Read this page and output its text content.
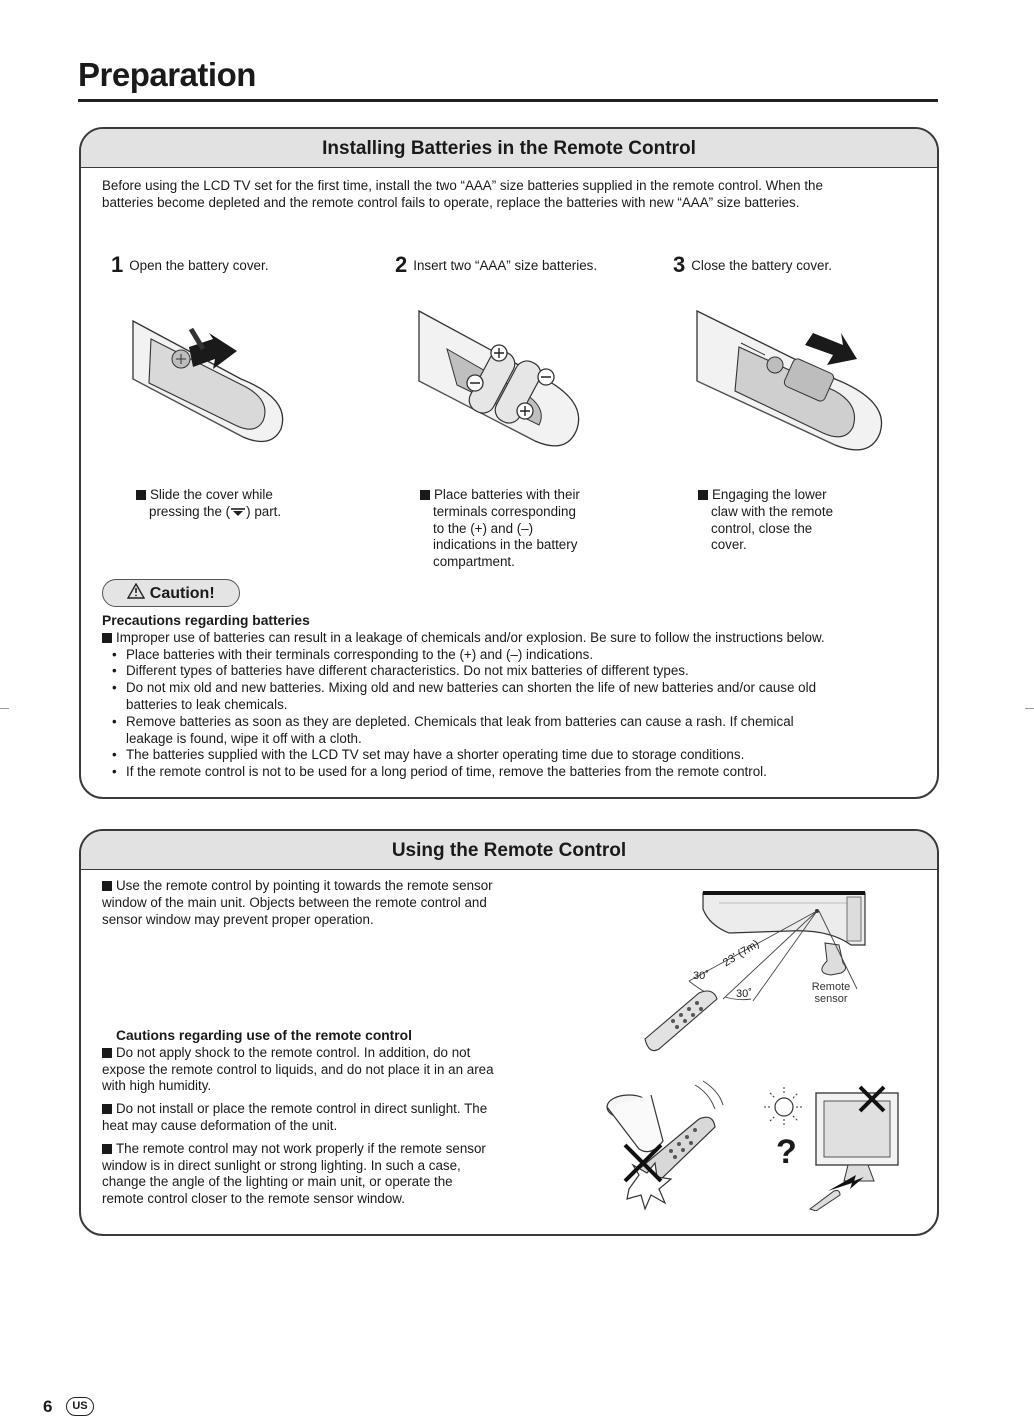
Preparation
Installing Batteries in the Remote Control
Before using the LCD TV set for the first time, install the two “AAA” size batteries supplied in the remote control. When the
batteries become depleted and the remote control fails to operate, replace the batteries with new “AAA” size batteries.
1 Open the battery cover.	2 Insert two “AAA” size batteries.	3 Close the battery cover.
Slide the cover while
pressing the ( ) part.
Place batteries with their
terminals corresponding
to the (+) and (–)
indications in the battery
compartment.
Engaging the lower
claw with the remote
control, close the
cover.
Caution!
Precautions regarding batteries
Improper use of batteries can result in a leakage of chemicals and/or explosion. Be sure to follow the instructions below.
• Place batteries with their terminals corresponding to the (+) and (–) indications.
• Different types of batteries have different characteristics. Do not mix batteries of different types.
• Do not mix old and new batteries. Mixing old and new batteries can shorten the life of new batteries and/or cause old
batteries to leak chemicals.
• Remove batteries as soon as they are depleted. Chemicals that leak from batteries can cause a rash. If chemical
leakage is found, wipe it off with a cloth.
• The batteries supplied with the LCD TV set may have a shorter operating time due to storage conditions.
• If the remote control is not to be used for a long period of time, remove the batteries from the remote control.
Using the Remote Control
Use the remote control by pointing it towards the remote sensor
window of the main unit. Objects between the remote control and
sensor window may prevent proper operation.
30˚
23' (7m)
30˚
Remote
sensor
Cautions regarding use of the remote control
Do not apply shock to the remote control. In addition, do not
expose the remote control to liquids, and do not place it in an area
with high humidity.
Do not install or place the remote control in direct sunlight. The
heat may cause deformation of the unit.
The remote control may not work properly if the remote sensor
window is in direct sunlight or strong lighting. In such a case,
change the angle of the lighting or main unit, or operate the
remote control closer to the remote sensor window.
?
6	US
